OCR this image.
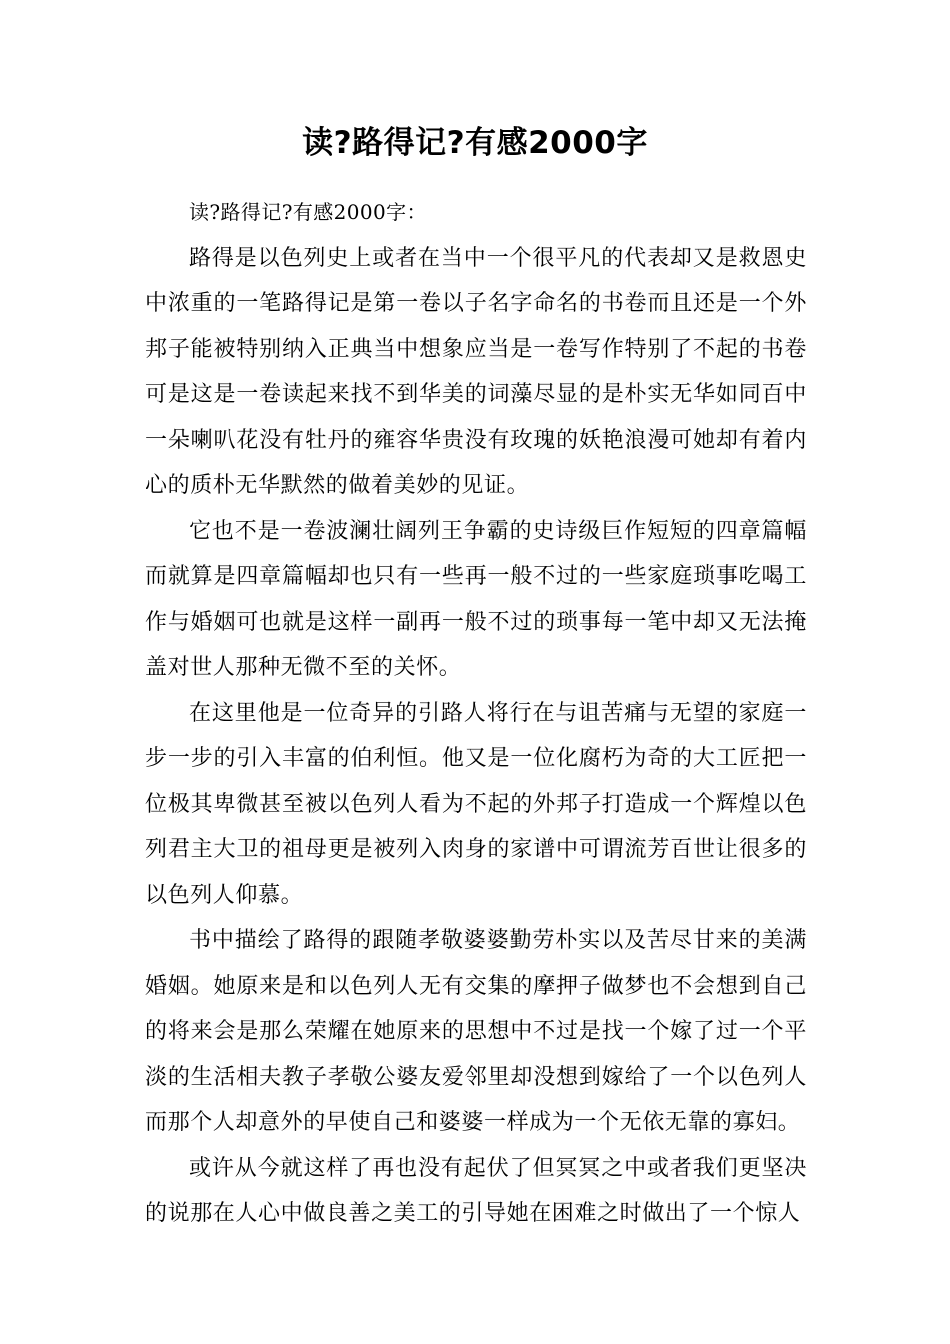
读?路得记?有感2000字

读?路得记?有感2000字：

路得是以色列史上或者在当中一个很平凡的代表却又是救恩史中浓重的一笔路得记是第一卷以子名字命名的书卷而且还是一个外邦子能被特别纳入正典当中想象应当是一卷写作特别了不起的书卷可是这是一卷读起来找不到华美的词藻尽显的是朴实无华如同百中一朵喇叭花没有牡丹的雍容华贵没有玫瑰的妖艳浪漫可她却有着内心的质朴无华默然的做着美妙的见证。

它也不是一卷波澜壮阔列王争霸的史诗级巨作短短的四章篇幅而就算是四章篇幅却也只有一些再一般不过的一些家庭琐事吃喝工作与婚姻可也就是这样一副再一般不过的琐事每一笔中却又无法掩盖对世人那种无微不至的关怀。

在这里他是一位奇异的引路人将行在与诅苦痛与无望的家庭一步一步的引入丰富的伯利恒。他又是一位化腐朽为奇的大工匠把一位极其卑微甚至被以色列人看为不起的外邦子打造成一个辉煌以色列君主大卫的祖母更是被列入肉身的家谱中可谓流芳百世让很多的以色列人仰慕。

书中描绘了路得的跟随孝敬婆婆勤劳朴实以及苦尽甘来的美满婚姻。她原来是和以色列人无有交集的摩押子做梦也不会想到自己的将来会是那么荣耀在她原来的思想中不过是找一个嫁了过一个平淡的生活相夫教子孝敬公婆友爱邻里却没想到嫁给了一个以色列人而那个人却意外的早使自己和婆婆一样成为一个无依无靠的寡妇。

或许从今就这样了再也没有起伏了但冥冥之中或者我们更坚决的说那在人心中做良善之美工的引导她在困难之时做出了一个惊人
